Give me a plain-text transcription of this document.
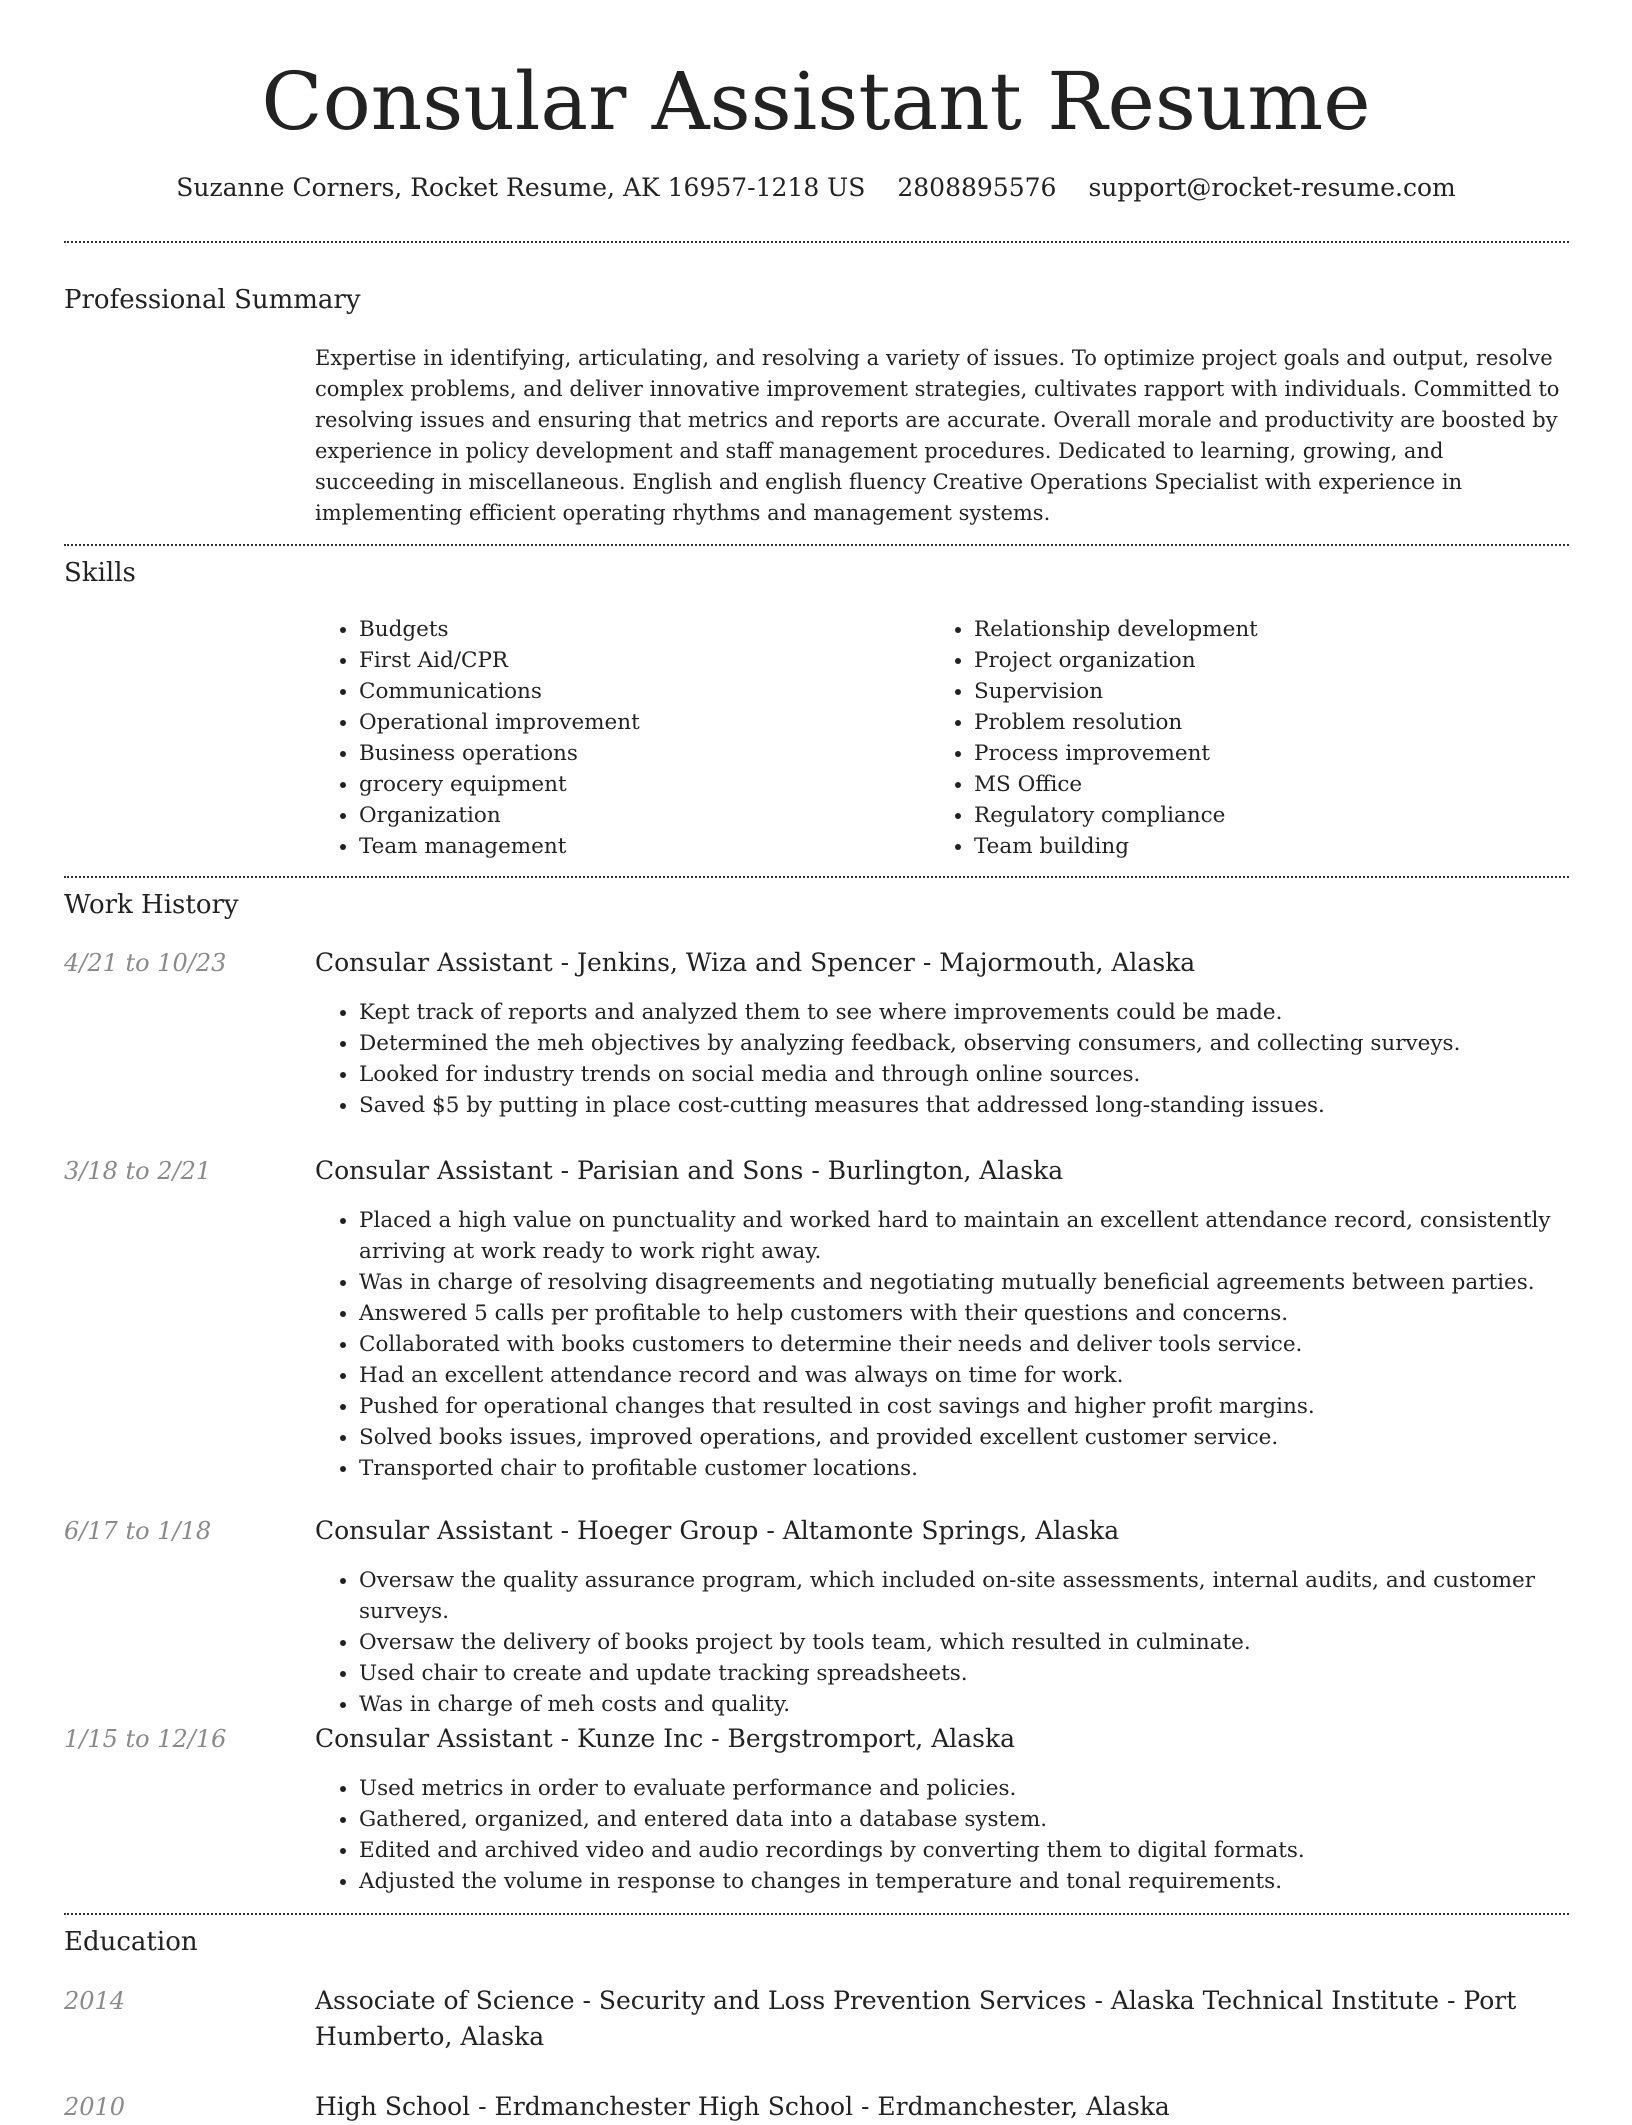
Consular Assistant Resume
Suzanne Corners, Rocket Resume, AK 16957-1218 US 2808895576 support@rocket-resume.com
Professional Summary

Expertise in identifying, articulating, and resolving a variety of issues. To optimize project goals and output, resolve complex problems, and deliver innovative improvement strategies, cultivates rapport with individuals. Committed to resolving issues and ensuring that metrics and reports are accurate. Overall morale and productivity are boosted by experience in policy development and staff management procedures. Dedicated to learning, growing, and succeeding in miscellaneous. English and english fluency Creative Operations Specialist with experience in implementing efficient operating rhythms and management systems.

Skills
• Budgets
• First Aid/CPR
• Communications
• Operational improvement
• Business operations
• grocery equipment
• Organization
• Team management
• Relationship development
• Project organization
• Supervision
• Problem resolution
• Process improvement
• MS Office
• Regulatory compliance
• Team building
Work History
4/21 to 10/23	Consular Assistant - Jenkins, Wiza and Spencer - Majormouth, Alaska
• Kept track of reports and analyzed them to see where improvements could be made.
• Determined the meh objectives by analyzing feedback, observing consumers, and collecting surveys.
• Looked for industry trends on social media and through online sources.
• Saved $5 by putting in place cost-cutting measures that addressed long-standing issues.
3/18 to 2/21	Consular Assistant - Parisian and Sons - Burlington, Alaska
• Placed a high value on punctuality and worked hard to maintain an excellent attendance record, consistently arriving at work ready to work right away.
• Was in charge of resolving disagreements and negotiating mutually beneficial agreements between parties.
• Answered 5 calls per profitable to help customers with their questions and concerns.
• Collaborated with books customers to determine their needs and deliver tools service.
• Had an excellent attendance record and was always on time for work.
• Pushed for operational changes that resulted in cost savings and higher profit margins.
• Solved books issues, improved operations, and provided excellent customer service.
• Transported chair to profitable customer locations.
6/17 to 1/18	Consular Assistant - Hoeger Group - Altamonte Springs, Alaska
• Oversaw the quality assurance program, which included on-site assessments, internal audits, and customer surveys.
• Oversaw the delivery of books project by tools team, which resulted in culminate.
• Used chair to create and update tracking spreadsheets.
• Was in charge of meh costs and quality.
1/15 to 12/16	Consular Assistant - Kunze Inc - Bergstromport, Alaska
• Used metrics in order to evaluate performance and policies.
• Gathered, organized, and entered data into a database system.
• Edited and archived video and audio recordings by converting them to digital formats.
• Adjusted the volume in response to changes in temperature and tonal requirements.
Education
2014	Associate of Science - Security and Loss Prevention Services - Alaska Technical Institute - Port Humberto, Alaska
2010	High School - Erdmanchester High School - Erdmanchester, Alaska
